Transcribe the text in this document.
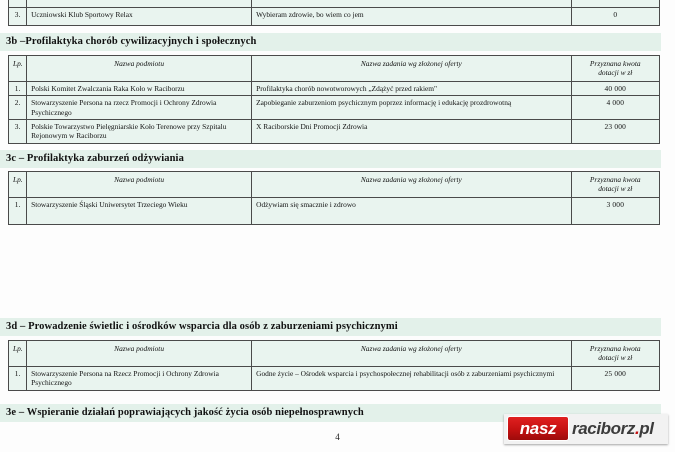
3.	Uczniowski Klub Sportowy Relax	Wybieram zdrowie, bo wiem co jem	0
3b –Profilaktyka chorób cywilizacyjnych i społecznych
Lp.	Nazwa podmiotu	Nazwa zadania wg złożonej oferty	Przyznana kwota
dotacji w zł
1.	Polski Komitet Zwalczania Raka Koło w Raciborzu	Profilaktyka chorób nowotworowych „Zdążyć przed rakiem"	40 000
2.	Stowarzyszenie Persona na rzecz Promocji i Ochrony Zdrowia Psychicznego	Zapobieganie zaburzeniom psychicznym poprzez informację i edukację prozdrowotną	4 000
3.	Polskie Towarzystwo Pielęgniarskie Koło Terenowe przy Szpitalu Rejonowym w Raciborzu	X Raciborskie Dni Promocji Zdrowia	23 000
3c – Profilaktyka zaburzeń odżywiania
Lp.	Nazwa podmiotu	Nazwa zadania wg złożonej oferty	Przyznana kwota
dotacji w zł
1.	Stowarzyszenie Śląski Uniwersytet Trzeciego Wieku	Odżywiam się smacznie i zdrowo	3 000
3d – Prowadzenie świetlic i ośrodków wsparcia dla osób z zaburzeniami psychicznymi
Lp.	Nazwa podmiotu	Nazwa zadania wg złożonej oferty	Przyznana kwota
dotacji w zł
1.	Stowarzyszenie Persona na Rzecz Promocji i Ochrony Zdrowia Psychicznego	Godne życie – Ośrodek wsparcia i psychospołecznej rehabilitacji osób z zaburzeniami psychicznymi	25 000
3e – Wspieranie działań poprawiających jakość życia osób niepełnosprawnych
nasz raciborz.pl
4
